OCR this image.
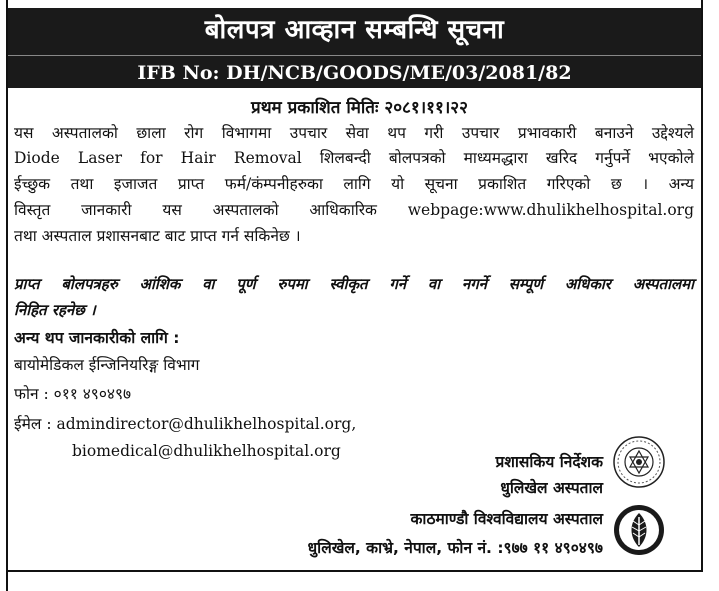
बोलपत्र आव्हान सम्बन्धि सूचना
IFB No: DH/NCB/GOODS/ME/03/2081/82
प्रथम प्रकाशित मितिः २०८१।११।२२
यस अस्पतालको छाला रोग विभागमा उपचार सेवा थप गरी उपचार प्रभावकारी बनाउने उद्देश्यले
Diode Laser for Hair Removal शिलबन्दी बोलपत्रको माध्यमद्धारा खरिद गर्नुपर्ने भएकोले
ईच्छुक तथा इजाजत प्राप्त फर्म/कंम्पनीहरुका लागि यो सूचना प्रकाशित गरिएको छ । अन्य
विस्तृत जानकारी यस अस्पतालको आधिकारिक webpage:www.dhulikhelhospital.org
तथा अस्पताल प्रशासनबाट बाट प्राप्त गर्न सकिनेछ ।
प्राप्त बोलपत्रहरु आंशिक वा पूर्ण रुपमा स्वीकृत गर्ने वा नगर्ने सम्पूर्ण अधिकार अस्पतालमा
निहित रहनेछ ।
अन्य थप जानकारीको लागि :
बायोमेडिकल ईन्जिनियरिङ्ग विभाग
फोन : ०११ ४९०४९७
ईमेल : admindirector@dhulikhelhospital.org,
biomedical@dhulikhelhospital.org
प्रशासकिय निर्देशक
धुलिखेल अस्पताल
काठमाण्डौ विश्वविद्यालय अस्पताल
धुलिखेल, काभ्रे, नेपाल, फोन नं. :९७७ ११ ४९०४९७
